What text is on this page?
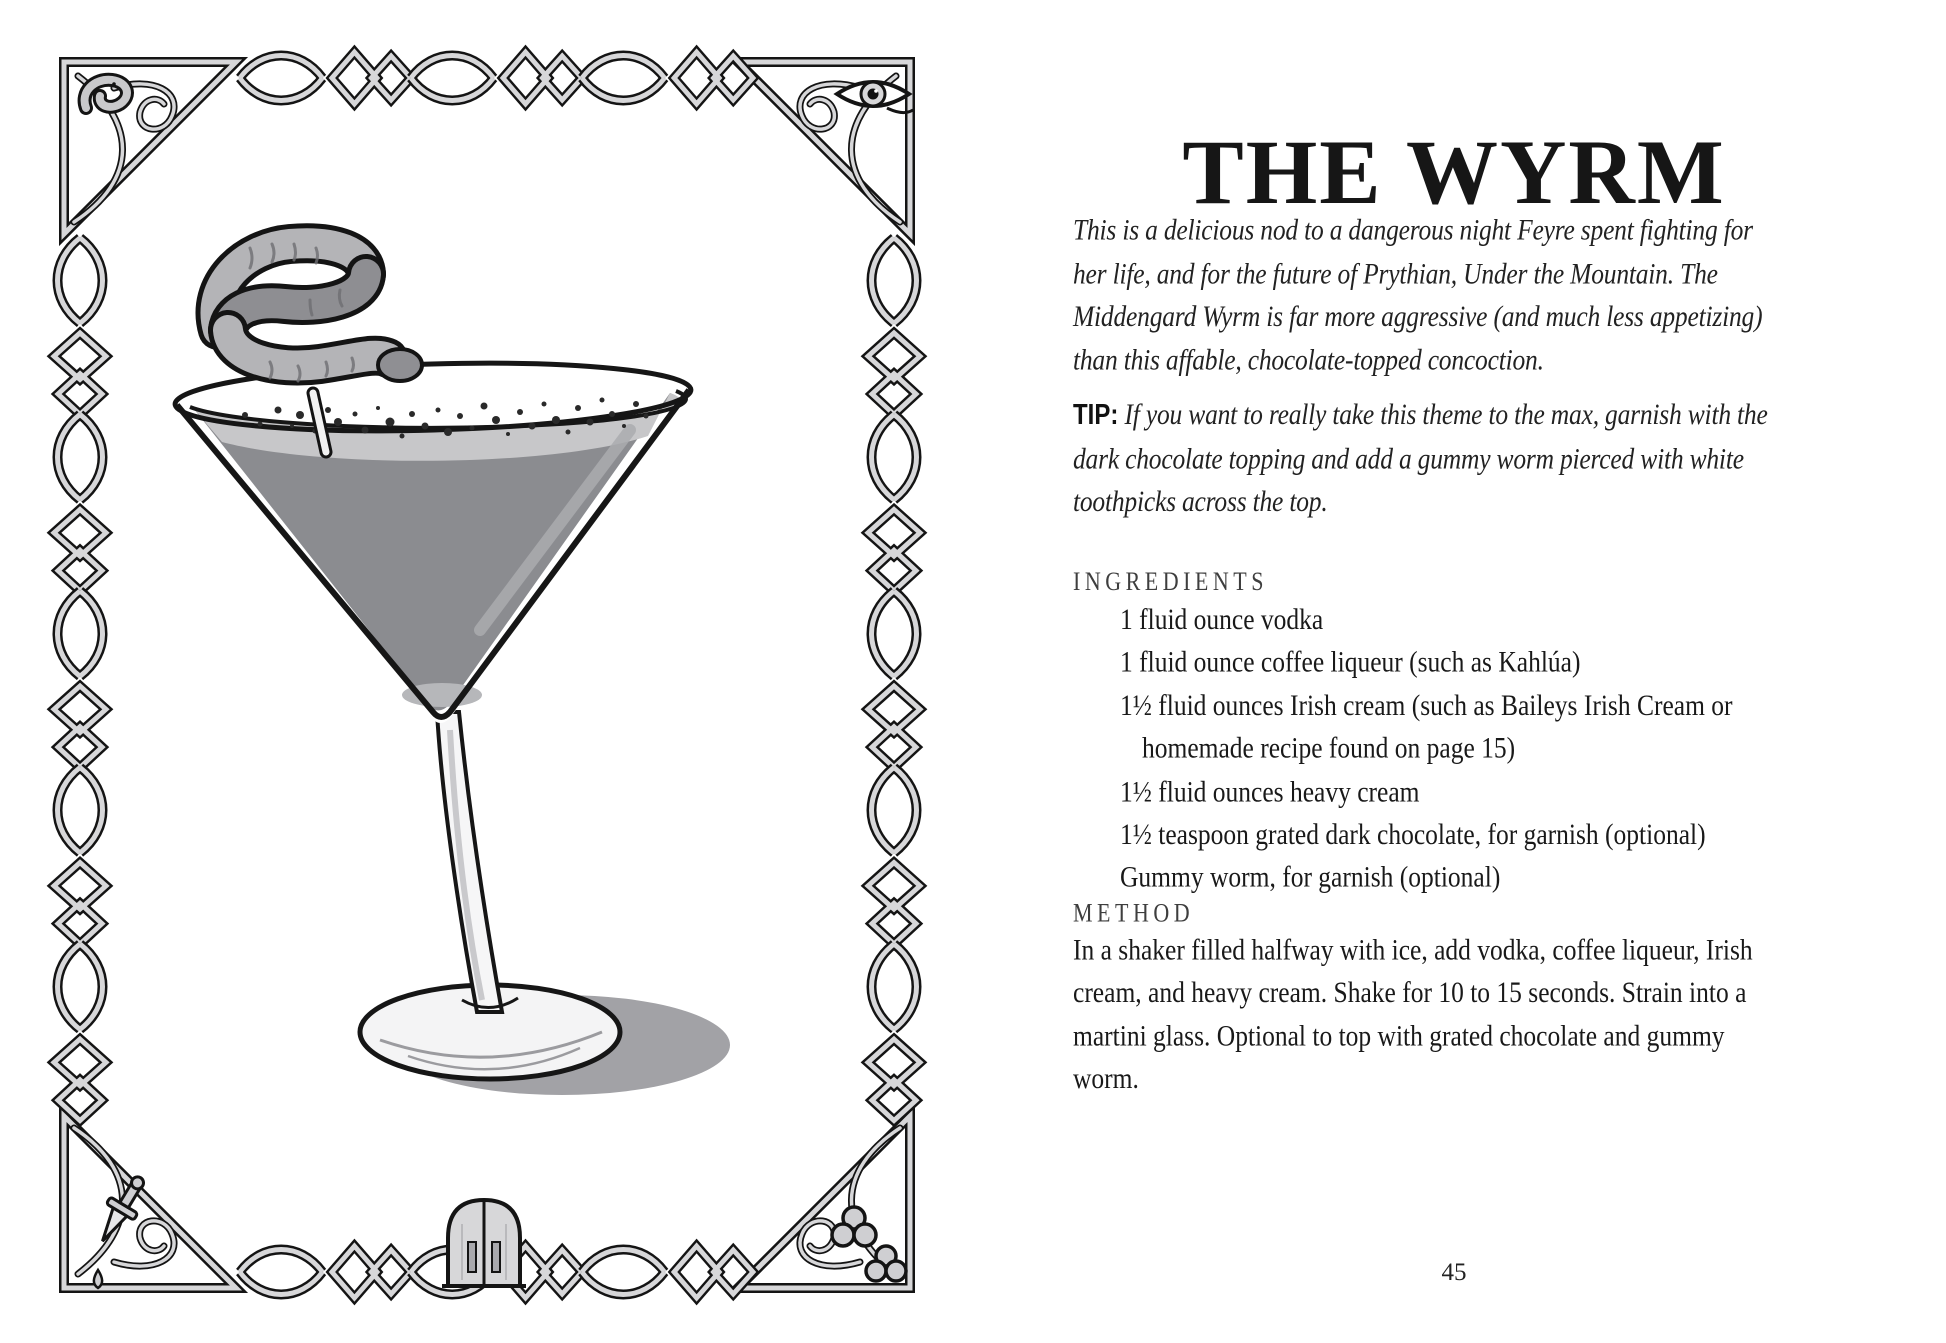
THE WYRM
This is a delicious nod to a dangerous night Feyre spent fighting for
her life, and for the future of Prythian, Under the Mountain. The
Middengard Wyrm is far more aggressive (and much less appetizing)
than this affable, chocolate-topped concoction.
TIP: If you want to really take this theme to the max, garnish with the
dark chocolate topping and add a gummy worm pierced with white
toothpicks across the top.
INGREDIENTS
1 fluid ounce vodka
1 fluid ounce coffee liqueur (such as Kahlúa)
1½ fluid ounces Irish cream (such as Baileys Irish Cream or
homemade recipe found on page 15)
1½ fluid ounces heavy cream
1½ teaspoon grated dark chocolate, for garnish (optional)
Gummy worm, for garnish (optional)
METHOD
In a shaker filled halfway with ice, add vodka, coffee liqueur, Irish
cream, and heavy cream. Shake for 10 to 15 seconds. Strain into a
martini glass. Optional to top with grated chocolate and gummy
worm.
45
